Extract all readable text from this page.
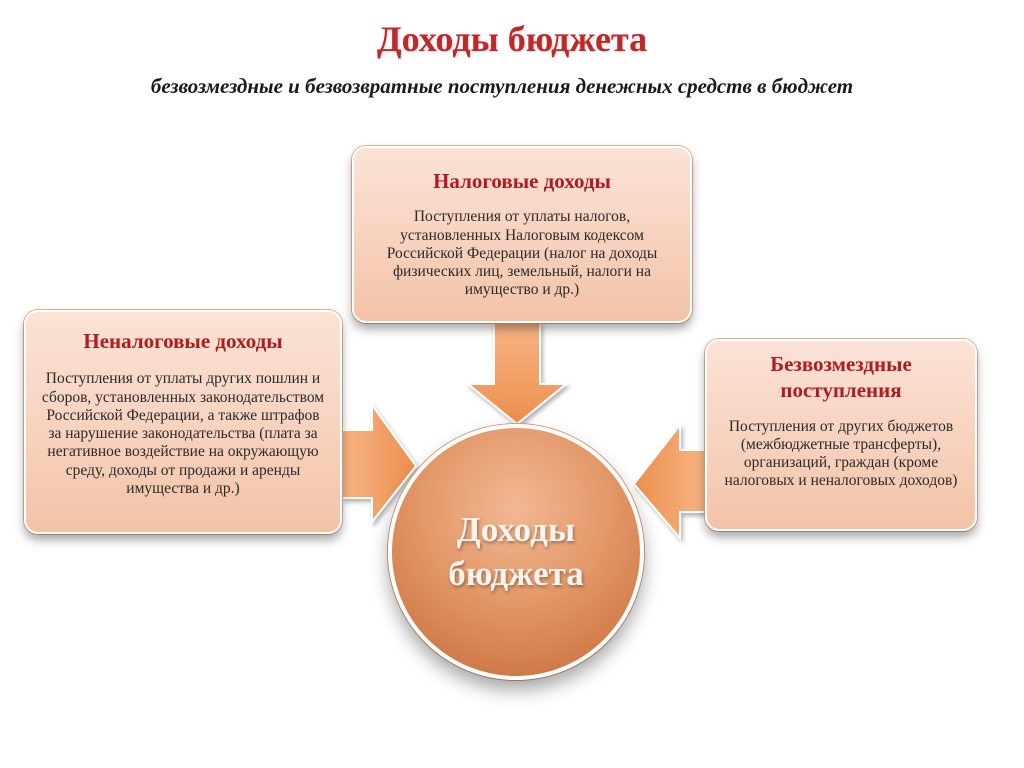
Доходы бюджета

безвозмездные и безвозвратные поступления денежных средств в бюджет

Налоговые доходы

Поступления от уплаты налогов, установленных Налоговым кодексом Российской Федерации (налог на доходы физических лиц, земельный, налоги на имущество и др.)

Неналоговые доходы

Поступления от уплаты других пошлин и сборов, установленных законодательством Российской Федерации, а также штрафов за нарушение законодательства (плата за негативное воздействие на окружающую среду, доходы от продажи и аренды имущества и др.)

Безвозмездные поступления

Поступления от других бюджетов (межбюджетные трансферты), организаций, граждан (кроме налоговых и неналоговых доходов)

Доходы бюджета
